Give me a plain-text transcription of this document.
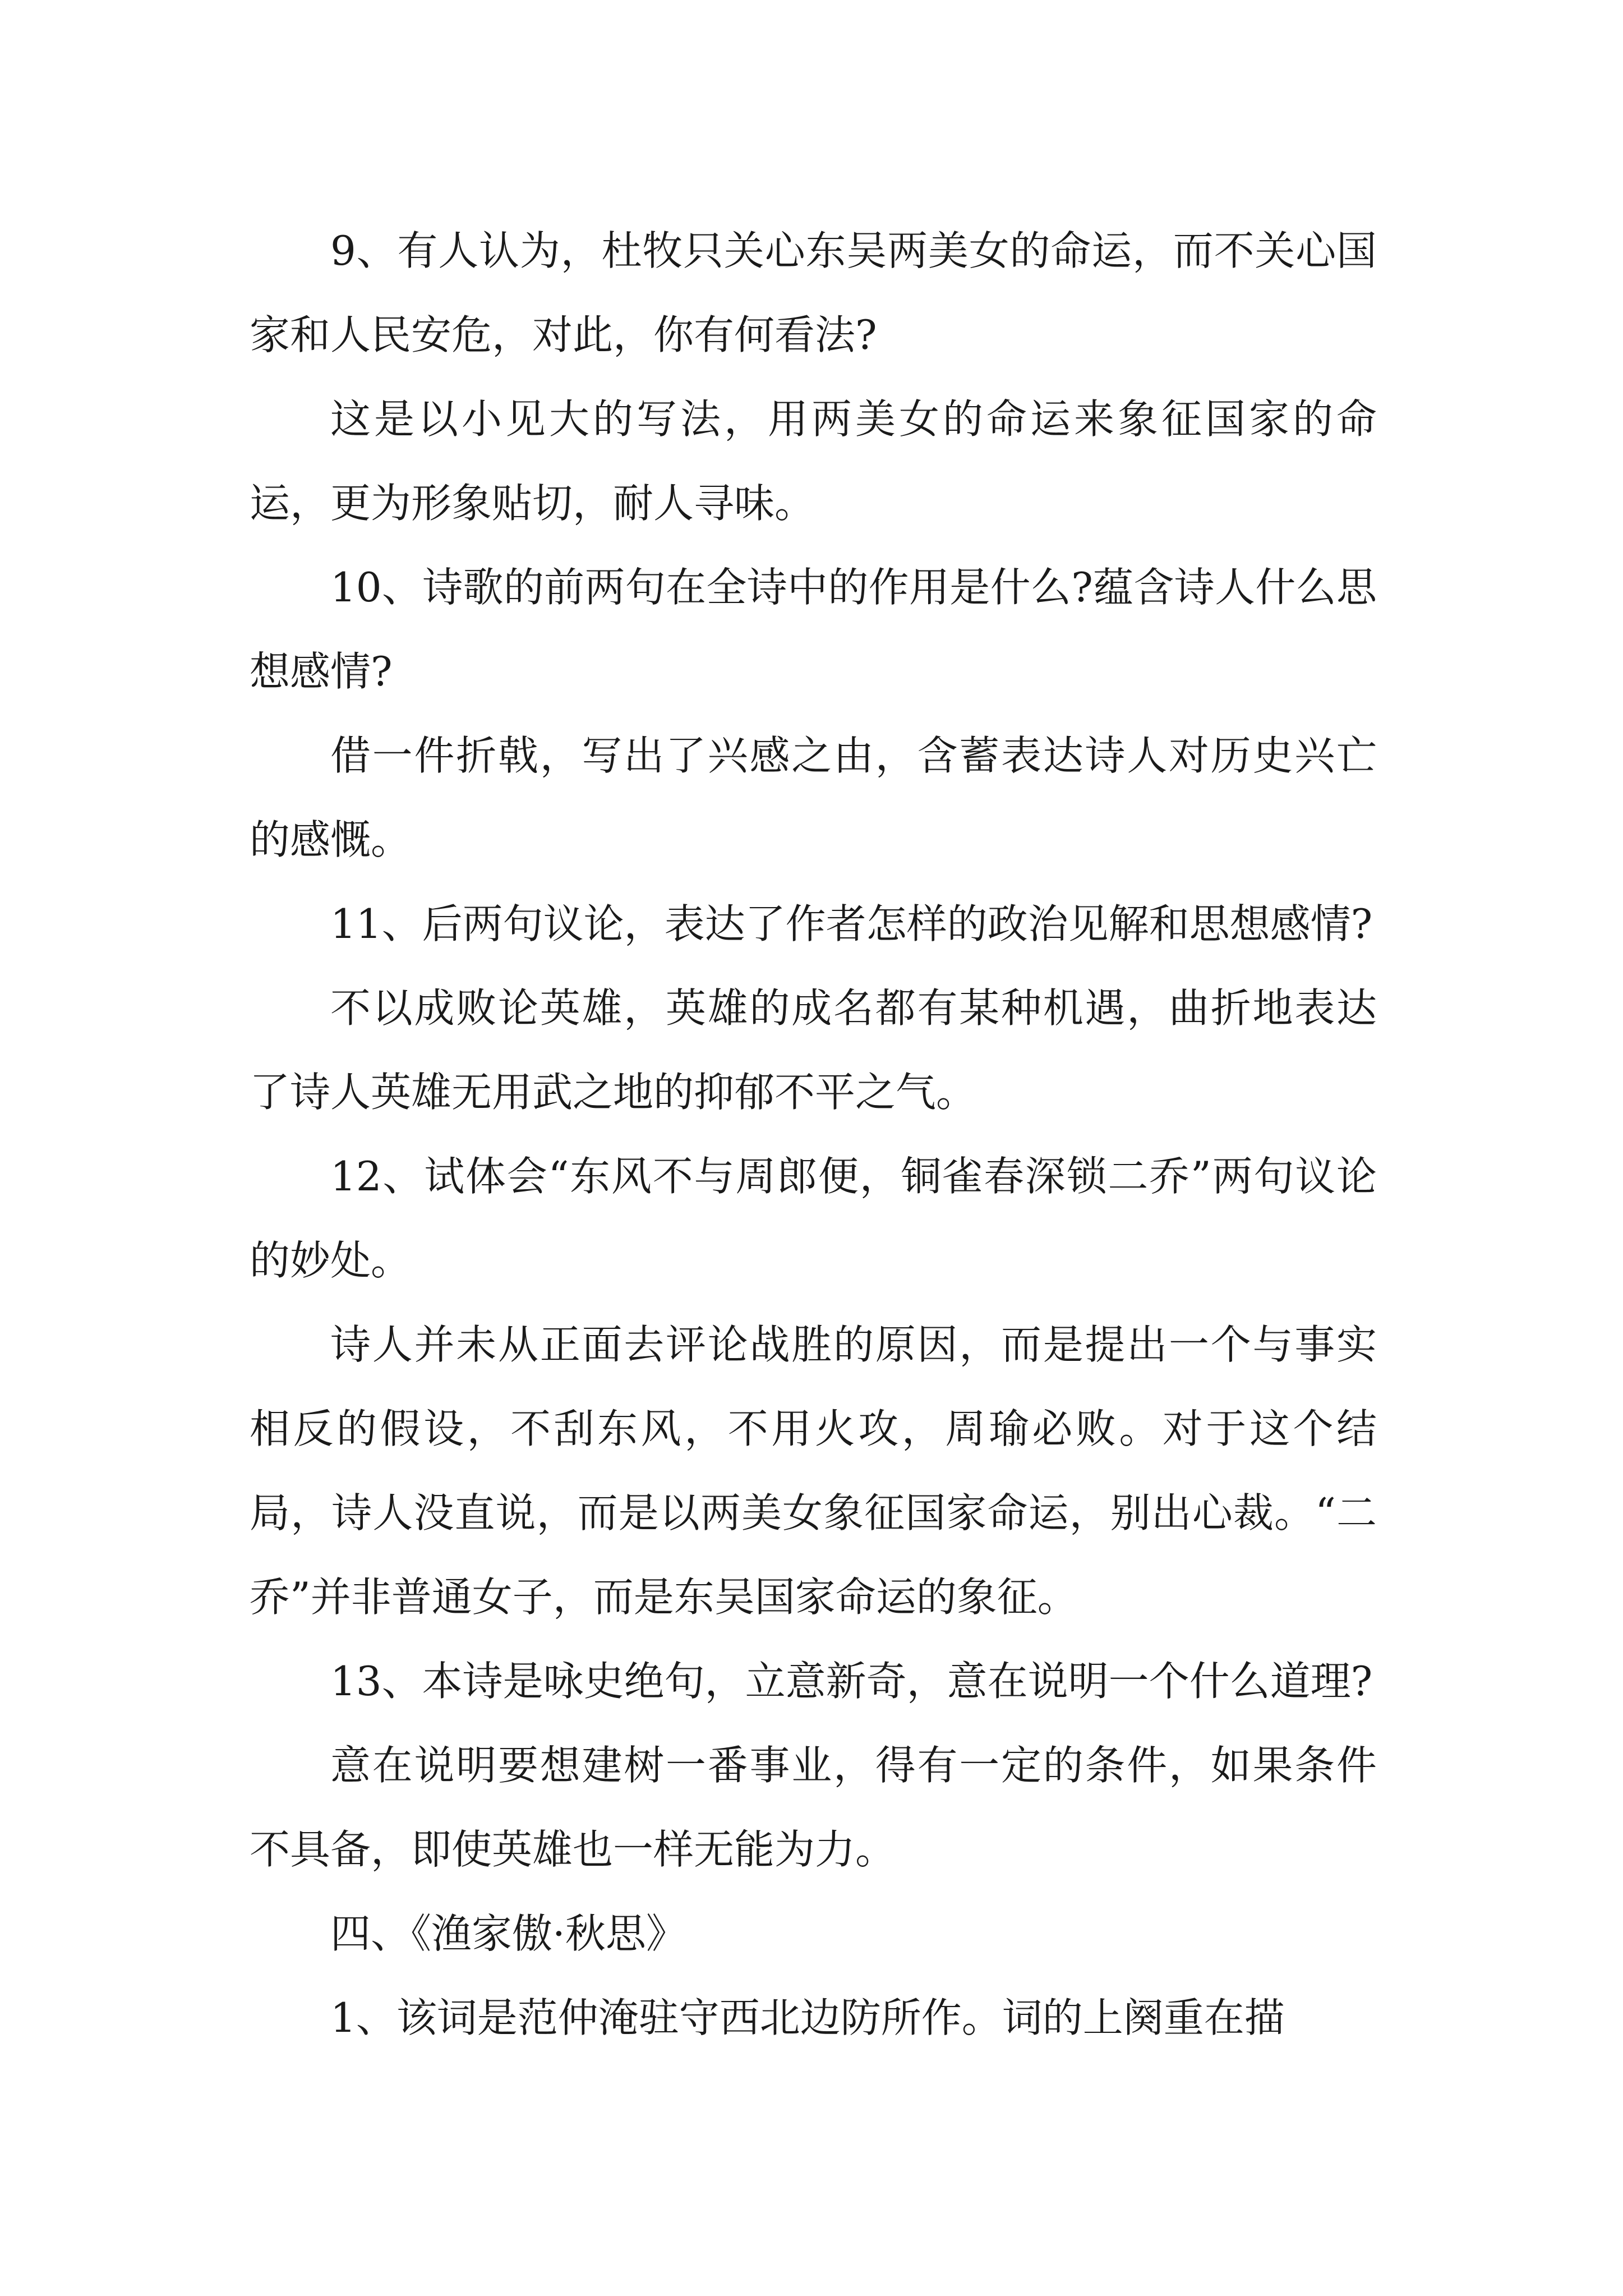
9、有人认为，杜牧只关心东吴两美女的命运，而不关心国家和人民安危，对此，你有何看法?

这是以小见大的写法，用两美女的命运来象征国家的命运，更为形象贴切，耐人寻味。

10、诗歌的前两句在全诗中的作用是什么?蕴含诗人什么思想感情?

借一件折戟，写出了兴感之由，含蓄表达诗人对历史兴亡的感慨。

11、后两句议论，表达了作者怎样的政治见解和思想感情?

不以成败论英雄，英雄的成名都有某种机遇，曲折地表达了诗人英雄无用武之地的抑郁不平之气。

12、试体会“东风不与周郎便，铜雀春深锁二乔”两句议论的妙处。

诗人并未从正面去评论战胜的原因，而是提出一个与事实相反的假设，不刮东风，不用火攻，周瑜必败。对于这个结局，诗人没直说，而是以两美女象征国家命运，别出心裁。“二乔”并非普通女子，而是东吴国家命运的象征。

13、本诗是咏史绝句，立意新奇，意在说明一个什么道理?

意在说明要想建树一番事业，得有一定的条件，如果条件不具备，即使英雄也一样无能为力。

四、《渔家傲·秋思》

1、该词是范仲淹驻守西北边防所作。词的上阕重在描
